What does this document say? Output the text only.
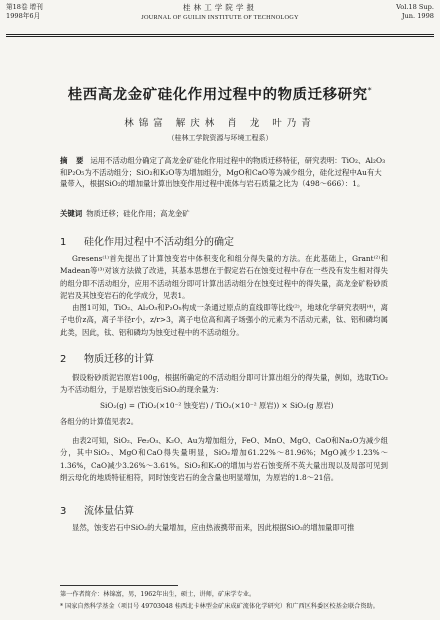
第18卷 增刊
1998年6月
桂林工学院学报
JOURNAL OF GUILIN INSTITUTE OF TECHNOLOGY
Vol.18 Sup.
Jun. 1998
桂西高龙金矿硅化作用过程中的物质迁移研究*
林锦富 解庆林 肖 龙 叶乃青
（桂林工学院资源与环境工程系）
摘 要 运用不活动组分确定了高龙金矿硅化作用过程中的物质迁移特征，研究表明：TiO₂、Al₂O₃和P₂O₅为不活动组分；SiO₂和K₂O等为增加组分，MgO和CaO等为减少组分，硅化过程中Au有大量带入，根据SiO₂的增加量计算出蚀变作用过程中流体与岩石质量之比为（498～666）：1。
关键词 物质迁移；硅化作用；高龙金矿
1 硅化作用过程中不活动组分的确定

Gresens⁽¹⁾首先提出了计算蚀变岩中体积变化和组分得失量的方法。在此基础上，Grant⁽²⁾和Madean等⁽³⁾对该方法做了改进，其基本思想在于假定岩石在蚀变过程中存在一些没有发生相对得失的组分即不活动组分，应用不活动组分即可计算出活动组分在蚀变过程中的得失量，高龙金矿粉砂质泥岩及其蚀变岩石的化学成分，见表1。

由图1可知，TiO₂、Al₂O₃和P₂O₅构成一条通过原点的直线即等比线⁽²⁾，地球化学研究表明⁽⁴⁾，离子电价z高，离子半径r小，z/r>3，离子电位高和离子场强小的元素为不活动元素，钛、铝和磷均属此类，因此，钛、铝和磷均为蚀变过程中的不活动组分。

2 物质迁移的计算

假设粉砂质泥岩原岩100g，根据所确定的不活动组分即可计算出组分的得失量，例如，选取TiO₂为不活动组分，于是原岩蚀变后SiO₂的现余量为：

SiO₂(g) = (TiO₂(×10⁻² 蚀变岩) / TiO₂(×10⁻² 原岩)) × SiO₂(g 原岩)

各组分的计算值见表2。

由表2可知，SiO₂、Fe₂O₃、K₂O、Au为增加组分，FeO、MnO、MgO、CaO和Na₂O为减少组分，其中SiO₂、MgO和CaO得失量明显，SiO₂增加61.22%～81.96%；MgO减少1.23%～1.36%，CaO减少3.26%～3.61%。SiO₂和K₂O的增加与岩石蚀变所不英大量出现以及局部可见到绢云母化的地质特征相符，同时蚀变岩石的金含量也明显增加，为原岩的1.8～21倍。

3 流体量估算

显然，蚀变岩石中SiO₂的大量增加，应由热液携带而来，因此根据SiO₂的增加量即可推

第一作者简介：林锦富，男，1962年出生，硕士，讲师，矿床学专业。
* 国家自然科学基金（项目号 49703048 桂西北卡林型金矿床成矿流体化学研究）和广西区科委区校基金联合资助。
